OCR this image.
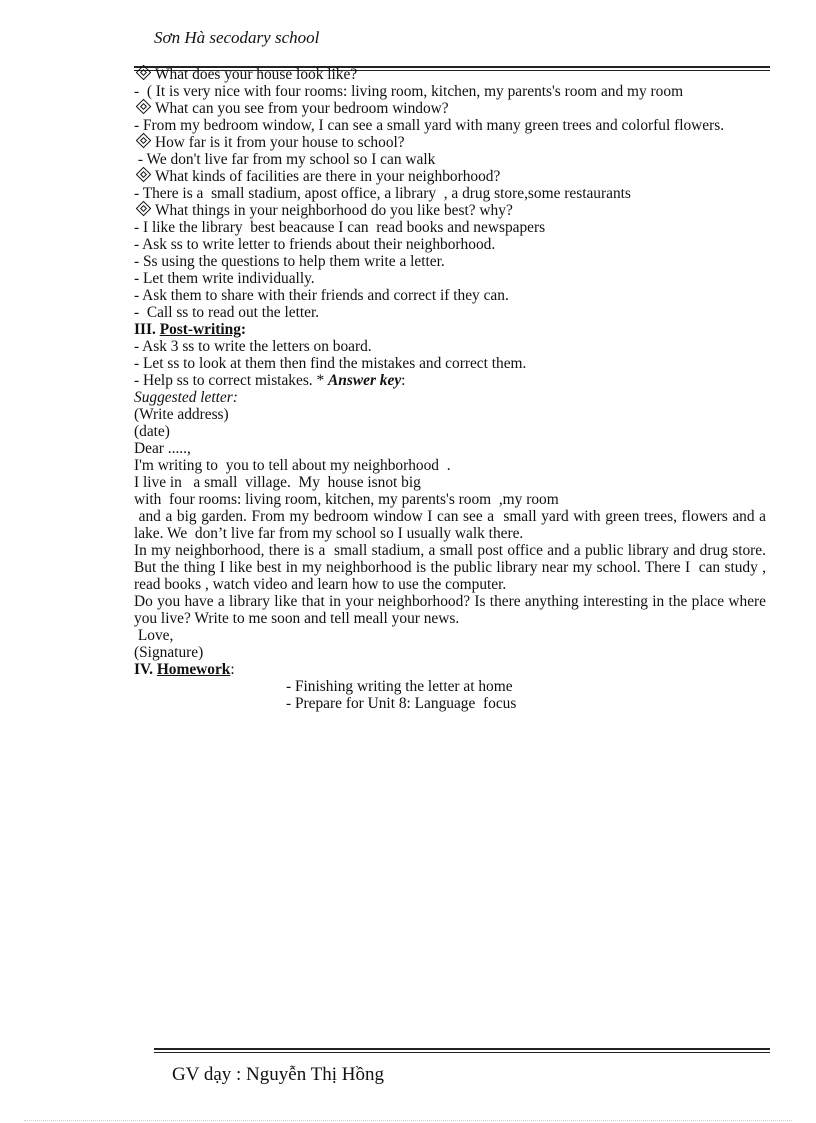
Sơn Hà secodary school

What does your house look like?

-  ( It is very nice with four rooms: living room, kitchen, my parents's room and my room

What can you see from your bedroom window?

- From my bedroom window, I can see a small yard with many green trees and colorful flowers.

How far is it from your house to school?

- We don't live far from my school so I can walk

What kinds of facilities are there in your neighborhood?

- There is a  small stadium, apost office, a library  , a drug store,some restaurants

What things in your neighborhood do you like best? why?

- I like the library  best beacause I can  read books and newspapers

- Ask ss to write letter to friends about their neighborhood.

- Ss using the questions to help them write a letter.

- Let them write individually.

- Ask them to share with their friends and correct if they can.

-  Call ss to read out the letter.

III. Post-writing:

- Ask 3 ss to write the letters on board.

- Let ss to look at them then find the mistakes and correct them.

- Help ss to correct mistakes. * Answer key:

Suggested letter:

(Write address)

(date)

Dear .....,

I'm writing to  you to tell about my neighborhood  .

I live in   a small  village.  My  house isnot big

with  four rooms: living room, kitchen, my parents's room  ,my room

and a big garden. From my bedroom window I can see a  small yard with green trees, flowers and a lake. We  don’t live far from my school so I usually walk there.

In my neighborhood, there is a  small stadium, a small post office and a public library and drug store. But the thing I like best in my neighborhood is the public library near my school. There I  can study , read books , watch video and learn how to use the computer.

Do you have a library like that in your neighborhood? Is there anything interesting in the place where you live? Write to me soon and tell meall your news.

Love,

(Signature)

IV. Homework:

- Finishing writing the letter at home

- Prepare for Unit 8: Language  focus

GV dạy : Nguyễn Thị Hồng
